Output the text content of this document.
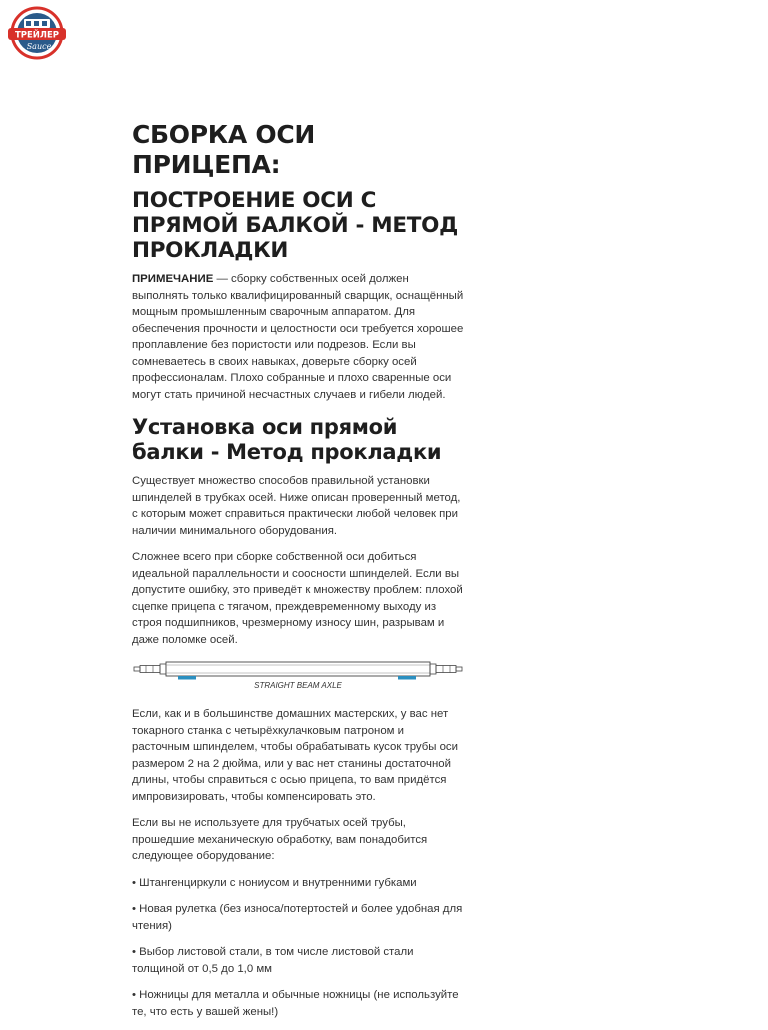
ТРЕЙЛЕР
Sauce
СБОРКА ОСИ ПРИЦЕПА:
ПОСТРОЕНИЕ ОСИ С ПРЯМОЙ БАЛКОЙ - МЕТОД ПРОКЛАДКИ

ПРИМЕЧАНИЕ — сборку собственных осей должен выполнять только квалифицированный сварщик, оснащённый мощным промышленным сварочным аппаратом. Для обеспечения прочности и целостности оси требуется хорошее проплавление без пористости или подрезов. Если вы сомневаетесь в своих навыках, доверьте сборку осей профессионалам. Плохо собранные и плохо сваренные оси могут стать причиной несчастных случаев и гибели людей.

Установка оси прямой балки - Метод прокладки

Существует множество способов правильной установки шпинделей в трубках осей. Ниже описан проверенный метод, с которым может справиться практически любой человек при наличии минимального оборудования.

Сложнее всего при сборке собственной оси добиться идеальной параллельности и соосности шпинделей. Если вы допустите ошибку, это приведёт к множеству проблем: плохой сцепке прицепа с тягачом, преждевременному выходу из строя подшипников, чрезмерному износу шин, разрывам и даже поломке осей.

STRAIGHT BEAM AXLE

Если, как и в большинстве домашних мастерских, у вас нет токарного станка с четырёхкулачковым патроном и расточным шпинделем, чтобы обрабатывать кусок трубы оси размером 2 на 2 дюйма, или у вас нет станины достаточной длины, чтобы справиться с осью прицепа, то вам придётся импровизировать, чтобы компенсировать это.

Если вы не используете для трубчатых осей трубы, прошедшие механическую обработку, вам понадобится следующее оборудование:

• Штангенциркули с нониусом и внутренними губками

• Новая рулетка (без износа/потертостей и более удобная для чтения)

• Выбор листовой стали, в том числе листовой стали толщиной от 0,5 до 1,0 мм

• Ножницы для металла и обычные ножницы (не используйте те, что есть у вашей жены!)
